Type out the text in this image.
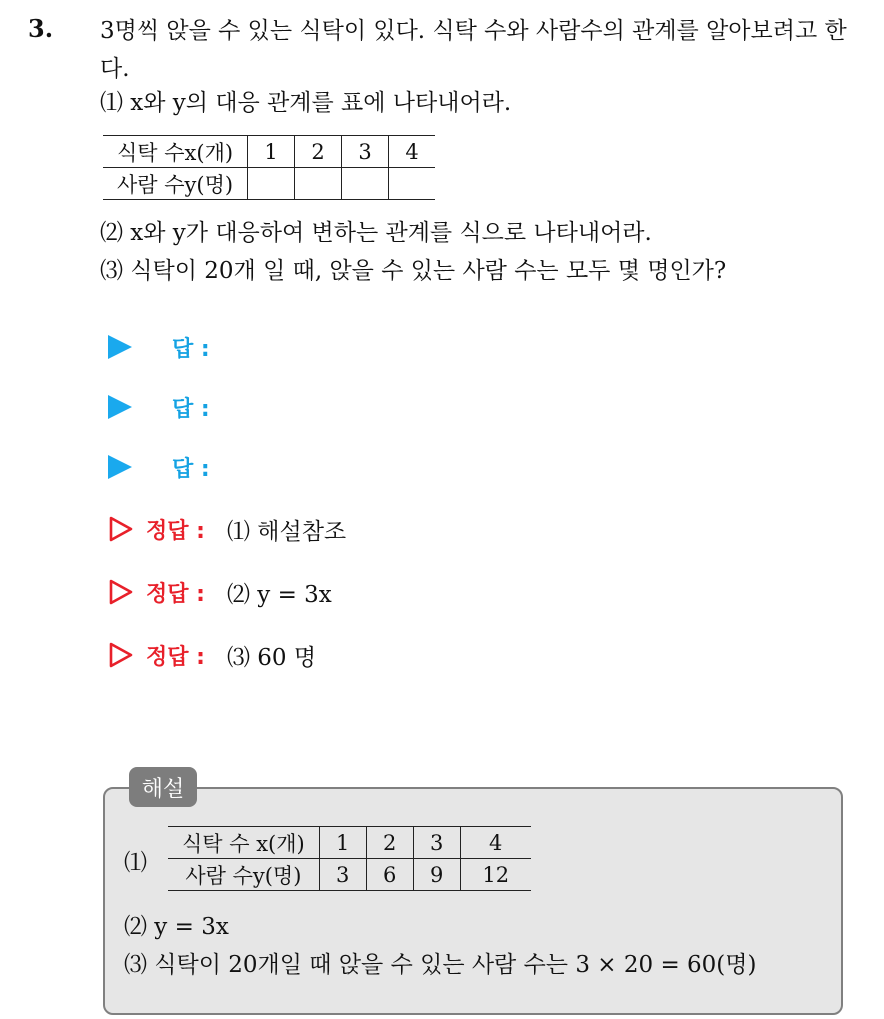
3. 3명씩 앉을 수 있는 식탁이 있다. 식탁 수와 사람수의 관계를 알아보려고 한다.
⑴ x와 y의 대응 관계를 표에 나타내어라.
식탁 수x(개)	1	2	3	4
사람 수y(명)				
⑵ x와 y가 대응하여 변하는 관계를 식으로 나타내어라.
⑶ 식탁이 20개 일 때, 앉을 수 있는 사람 수는 모두 몇 명인가?
답 :
답 :
답 :
정답 : ⑴ 해설참조
정답 : ⑵ y = 3x
정답 : ⑶ 60 명
해설
⑴
식탁 수 x(개)	1	2	3	4
사람 수y(명)	3	6	9	12
⑵ y = 3x
⑶ 식탁이 20개일 때 앉을 수 있는 사람 수는 3 × 20 = 60(명)
